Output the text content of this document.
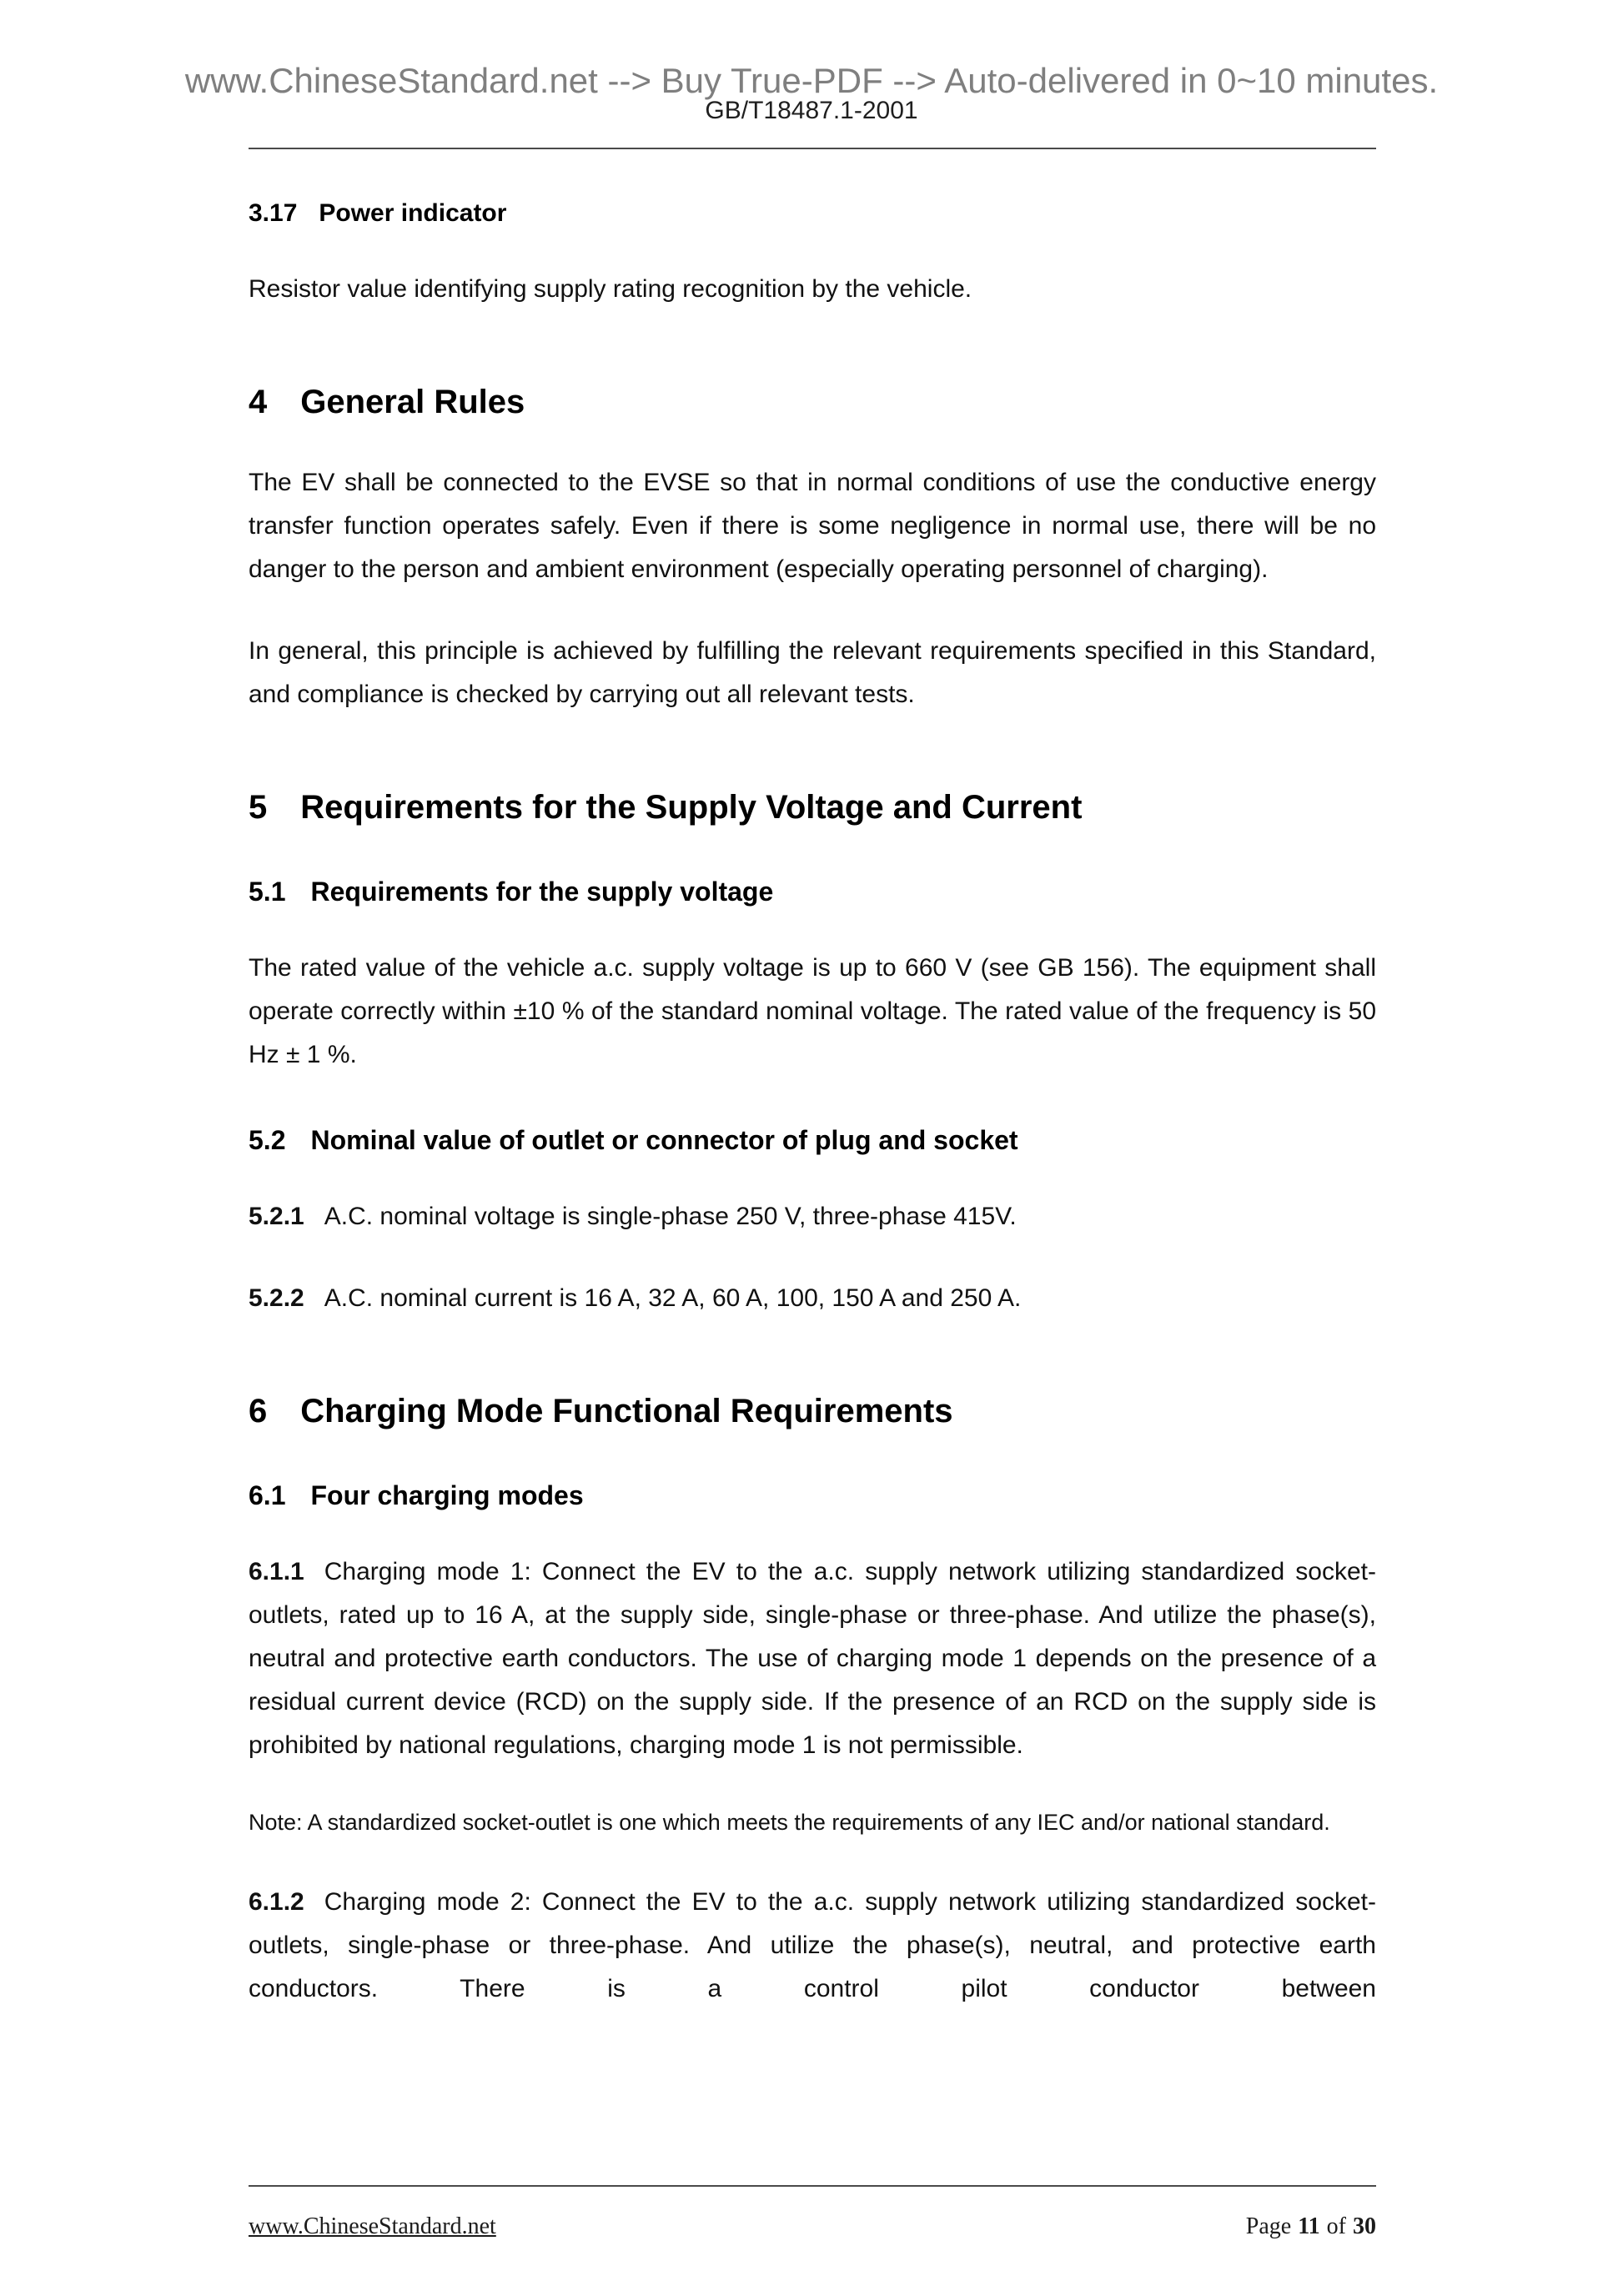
www.ChineseStandard.net --> Buy True-PDF --> Auto-delivered in 0~10 minutes.
GB/T18487.1-2001
3.17 Power indicator

Resistor value identifying supply rating recognition by the vehicle.

4 General Rules

The EV shall be connected to the EVSE so that in normal conditions of use the conductive energy transfer function operates safely. Even if there is some negligence in normal use, there will be no danger to the person and ambient environment (especially operating personnel of charging).

In general, this principle is achieved by fulfilling the relevant requirements specified in this Standard, and compliance is checked by carrying out all relevant tests.

5 Requirements for the Supply Voltage and Current
5.1 Requirements for the supply voltage

The rated value of the vehicle a.c. supply voltage is up to 660 V (see GB 156). The equipment shall operate correctly within ±10 % of the standard nominal voltage. The rated value of the frequency is 50 Hz ± 1 %.

5.2 Nominal value of outlet or connector of plug and socket

5.2.1 A.C. nominal voltage is single-phase 250 V, three-phase 415V.

5.2.2 A.C. nominal current is 16 A, 32 A, 60 A, 100, 150 A and 250 A.

6 Charging Mode Functional Requirements
6.1 Four charging modes

6.1.1 Charging mode 1: Connect the EV to the a.c. supply network utilizing standardized socket-outlets, rated up to 16 A, at the supply side, single-phase or three-phase. And utilize the phase(s), neutral and protective earth conductors. The use of charging mode 1 depends on the presence of a residual current device (RCD) on the supply side. If the presence of an RCD on the supply side is prohibited by national regulations, charging mode 1 is not permissible.

Note: A standardized socket-outlet is one which meets the requirements of any IEC and/or national standard.

6.1.2 Charging mode 2: Connect the EV to the a.c. supply network utilizing standardized socket-outlets, single-phase or three-phase. And utilize the phase(s), neutral, and protective earth conductors. There is a control pilot conductor between

www.ChineseStandard.net	Page 11 of 30
